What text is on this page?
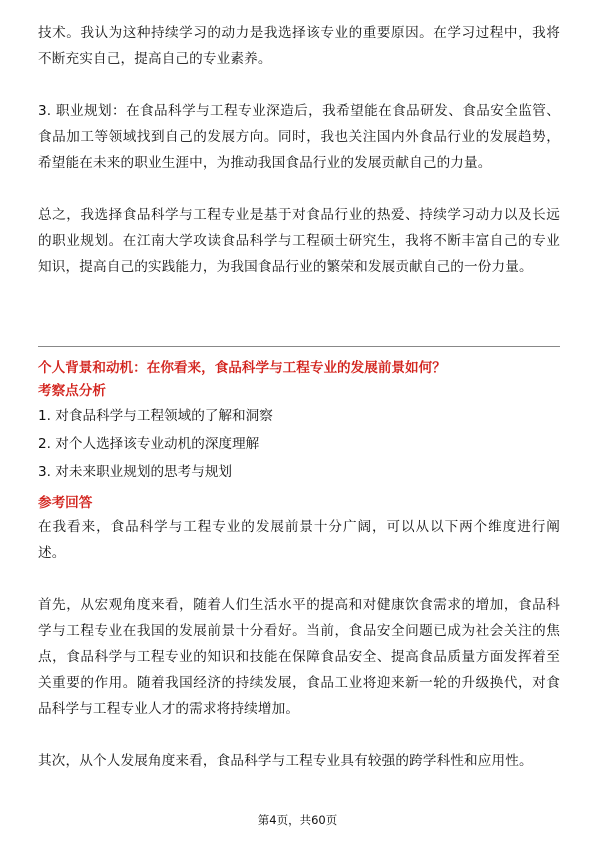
技术。我认为这种持续学习的动力是我选择该专业的重要原因。在学习过程中，我将不断充实自己，提高自己的专业素养。

3. 职业规划：在食品科学与工程专业深造后，我希望能在食品研发、食品安全监管、食品加工等领域找到自己的发展方向。同时，我也关注国内外食品行业的发展趋势，希望能在未来的职业生涯中，为推动我国食品行业的发展贡献自己的力量。

总之，我选择食品科学与工程专业是基于对食品行业的热爱、持续学习动力以及长远的职业规划。在江南大学攻读食品科学与工程硕士研究生，我将不断丰富自己的专业知识，提高自己的实践能力，为我国食品行业的繁荣和发展贡献自己的一份力量。

个人背景和动机：在你看来，食品科学与工程专业的发展前景如何？
考察点分析
1. 对食品科学与工程领域的了解和洞察
2. 对个人选择该专业动机的深度理解
3. 对未来职业规划的思考与规划
参考回答

在我看来，食品科学与工程专业的发展前景十分广阔，可以从以下两个维度进行阐述。

首先，从宏观角度来看，随着人们生活水平的提高和对健康饮食需求的增加，食品科学与工程专业在我国的发展前景十分看好。当前，食品安全问题已成为社会关注的焦点，食品科学与工程专业的知识和技能在保障食品安全、提高食品质量方面发挥着至关重要的作用。随着我国经济的持续发展，食品工业将迎来新一轮的升级换代，对食品科学与工程专业人才的需求将持续增加。

其次，从个人发展角度来看，食品科学与工程专业具有较强的跨学科性和应用性。

第4页，共60页
